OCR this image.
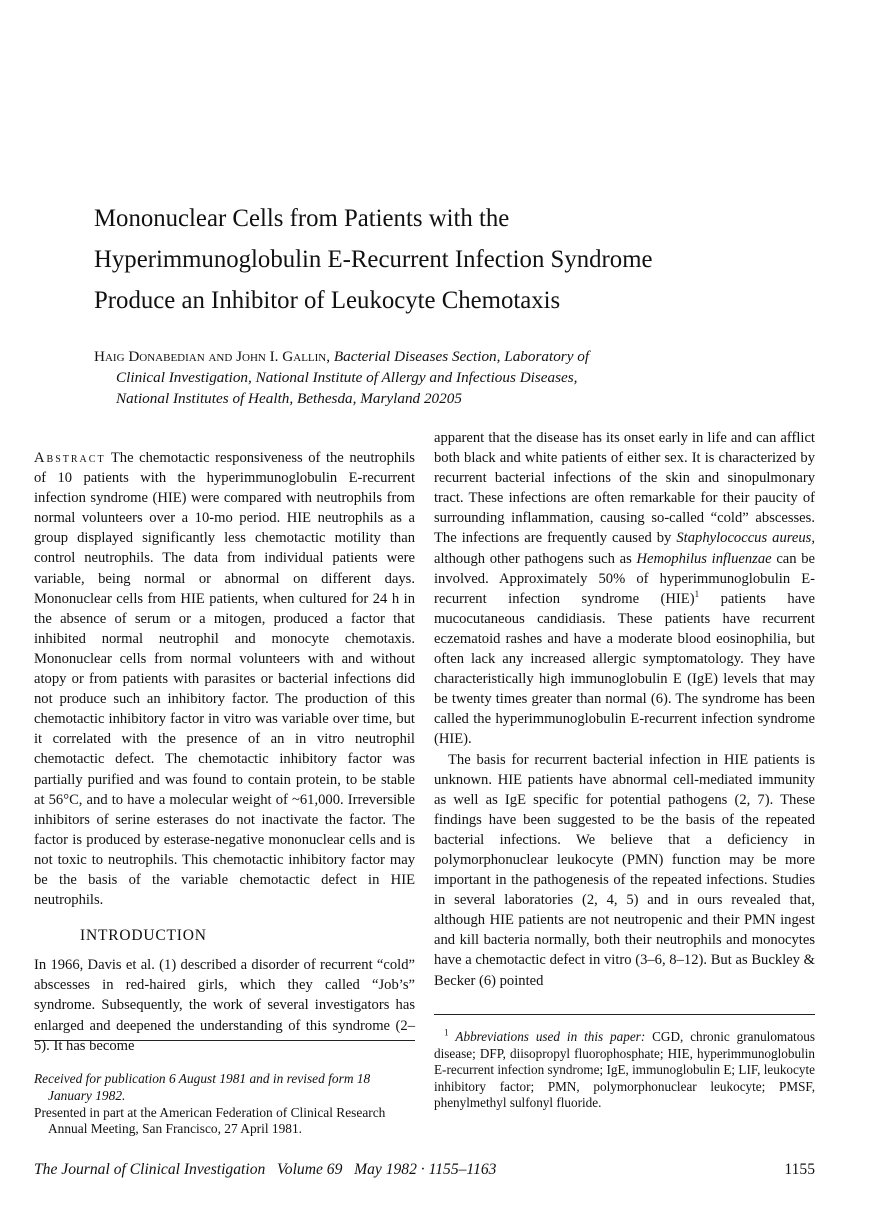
Mononuclear Cells from Patients with the
Hyperimmunoglobulin E-Recurrent Infection Syndrome
Produce an Inhibitor of Leukocyte Chemotaxis
Haig Donabedian and John I. Gallin, Bacterial Diseases Section, Laboratory of
Clinical Investigation, National Institute of Allergy and Infectious Diseases,
National Institutes of Health, Bethesda, Maryland 20205

Abstract The chemotactic responsiveness of the neutrophils of 10 patients with the hyperimmunoglobulin E-recurrent infection syndrome (HIE) were compared with neutrophils from normal volunteers over a 10-mo period. HIE neutrophils as a group displayed significantly less chemotactic motility than control neutrophils. The data from individual patients were variable, being normal or abnormal on different days. Mononuclear cells from HIE patients, when cultured for 24 h in the absence of serum or a mitogen, produced a factor that inhibited normal neutrophil and monocyte chemotaxis. Mononuclear cells from normal volunteers with and without atopy or from patients with parasites or bacterial infections did not produce such an inhibitory factor. The production of this chemotactic inhibitory factor in vitro was variable over time, but it correlated with the presence of an in vitro neutrophil chemotactic defect. The chemotactic inhibitory factor was partially purified and was found to contain protein, to be stable at 56°C, and to have a molecular weight of ~61,000. Irreversible inhibitors of serine esterases do not inactivate the factor. The factor is produced by esterase-negative mononuclear cells and is not toxic to neutrophils. This chemotactic inhibitory factor may be the basis of the variable chemotactic defect in HIE neutrophils.

INTRODUCTION

In 1966, Davis et al. (1) described a disorder of recurrent “cold” abscesses in red-haired girls, which they called “Job’s” syndrome. Subsequently, the work of several investigators has enlarged and deepened the understanding of this syndrome (2–5). It has become

apparent that the disease has its onset early in life and can afflict both black and white patients of either sex. It is characterized by recurrent bacterial infections of the skin and sinopulmonary tract. These infections are often remarkable for their paucity of surrounding inflammation, causing so-called “cold” abscesses. The infections are frequently caused by Staphylococcus aureus, although other pathogens such as Hemophilus influenzae can be involved. Approximately 50% of hyperimmunoglobulin E-recurrent infection syndrome (HIE)$^1$ patients have mucocutaneous candidiasis. These patients have recurrent eczematoid rashes and have a moderate blood eosinophilia, but often lack any increased allergic symptomatology. They have characteristically high immunoglobulin E (IgE) levels that may be twenty times greater than normal (6). The syndrome has been called the hyperimmunoglobulin E-recurrent infection syndrome (HIE).

The basis for recurrent bacterial infection in HIE patients is unknown. HIE patients have abnormal cell-mediated immunity as well as IgE specific for potential pathogens (2, 7). These findings have been suggested to be the basis of the repeated bacterial infections. We believe that a deficiency in polymorphonuclear leukocyte (PMN) function may be more important in the pathogenesis of the repeated infections. Studies in several laboratories (2, 4, 5) and in ours revealed that, although HIE patients are not neutropenic and their PMN ingest and kill bacteria normally, both their neutrophils and monocytes have a chemotactic defect in vitro (3–6, 8–12). But as Buckley & Becker (6) pointed

Received for publication 6 August 1981 and in revised form 18 January 1982.

Presented in part at the American Federation of Clinical Research Annual Meeting, San Francisco, 27 April 1981.

$^1$ Abbreviations used in this paper: CGD, chronic granulomatous disease; DFP, diisopropyl fluorophosphate; HIE, hyperimmunoglobulin E-recurrent infection syndrome; IgE, immunoglobulin E; LIF, leukocyte inhibitory factor; PMN, polymorphonuclear leukocyte; PMSF, phenylmethyl sulfonyl fluoride.

The Journal of Clinical Investigation Volume 69 May 1982 · 1155–1163	1155
